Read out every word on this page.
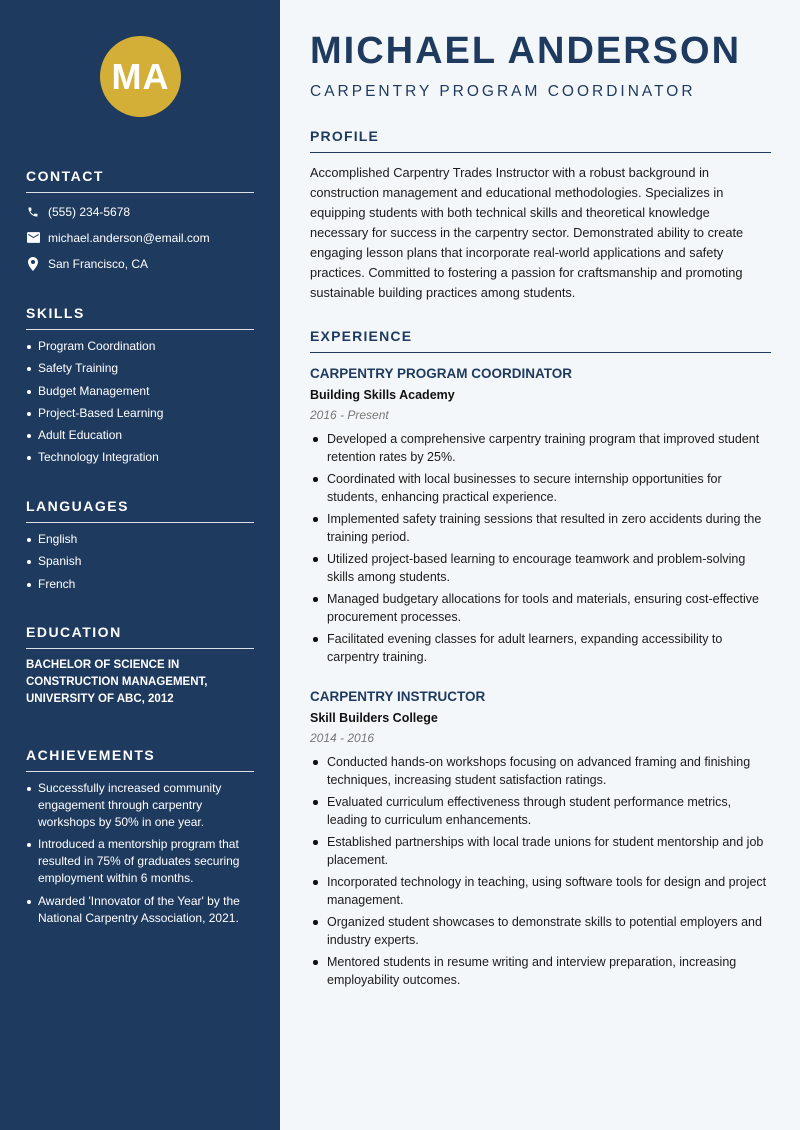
MA
CONTACT
(555) 234-5678
michael.anderson@email.com
San Francisco, CA
SKILLS
Program Coordination
Safety Training
Budget Management
Project-Based Learning
Adult Education
Technology Integration
LANGUAGES
English
Spanish
French
EDUCATION
BACHELOR OF SCIENCE IN CONSTRUCTION MANAGEMENT, UNIVERSITY OF ABC, 2012
ACHIEVEMENTS
Successfully increased community engagement through carpentry workshops by 50% in one year.
Introduced a mentorship program that resulted in 75% of graduates securing employment within 6 months.
Awarded 'Innovator of the Year' by the National Carpentry Association, 2021.
MICHAEL ANDERSON
CARPENTRY PROGRAM COORDINATOR
PROFILE

Accomplished Carpentry Trades Instructor with a robust background in construction management and educational methodologies. Specializes in equipping students with both technical skills and theoretical knowledge necessary for success in the carpentry sector. Demonstrated ability to create engaging lesson plans that incorporate real-world applications and safety practices. Committed to fostering a passion for craftsmanship and promoting sustainable building practices among students.

EXPERIENCE
CARPENTRY PROGRAM COORDINATOR
Building Skills Academy
2016 - Present
Developed a comprehensive carpentry training program that improved student retention rates by 25%.
Coordinated with local businesses to secure internship opportunities for students, enhancing practical experience.
Implemented safety training sessions that resulted in zero accidents during the training period.
Utilized project-based learning to encourage teamwork and problem-solving skills among students.
Managed budgetary allocations for tools and materials, ensuring cost-effective procurement processes.
Facilitated evening classes for adult learners, expanding accessibility to carpentry training.
CARPENTRY INSTRUCTOR
Skill Builders College
2014 - 2016
Conducted hands-on workshops focusing on advanced framing and finishing techniques, increasing student satisfaction ratings.
Evaluated curriculum effectiveness through student performance metrics, leading to curriculum enhancements.
Established partnerships with local trade unions for student mentorship and job placement.
Incorporated technology in teaching, using software tools for design and project management.
Organized student showcases to demonstrate skills to potential employers and industry experts.
Mentored students in resume writing and interview preparation, increasing employability outcomes.
